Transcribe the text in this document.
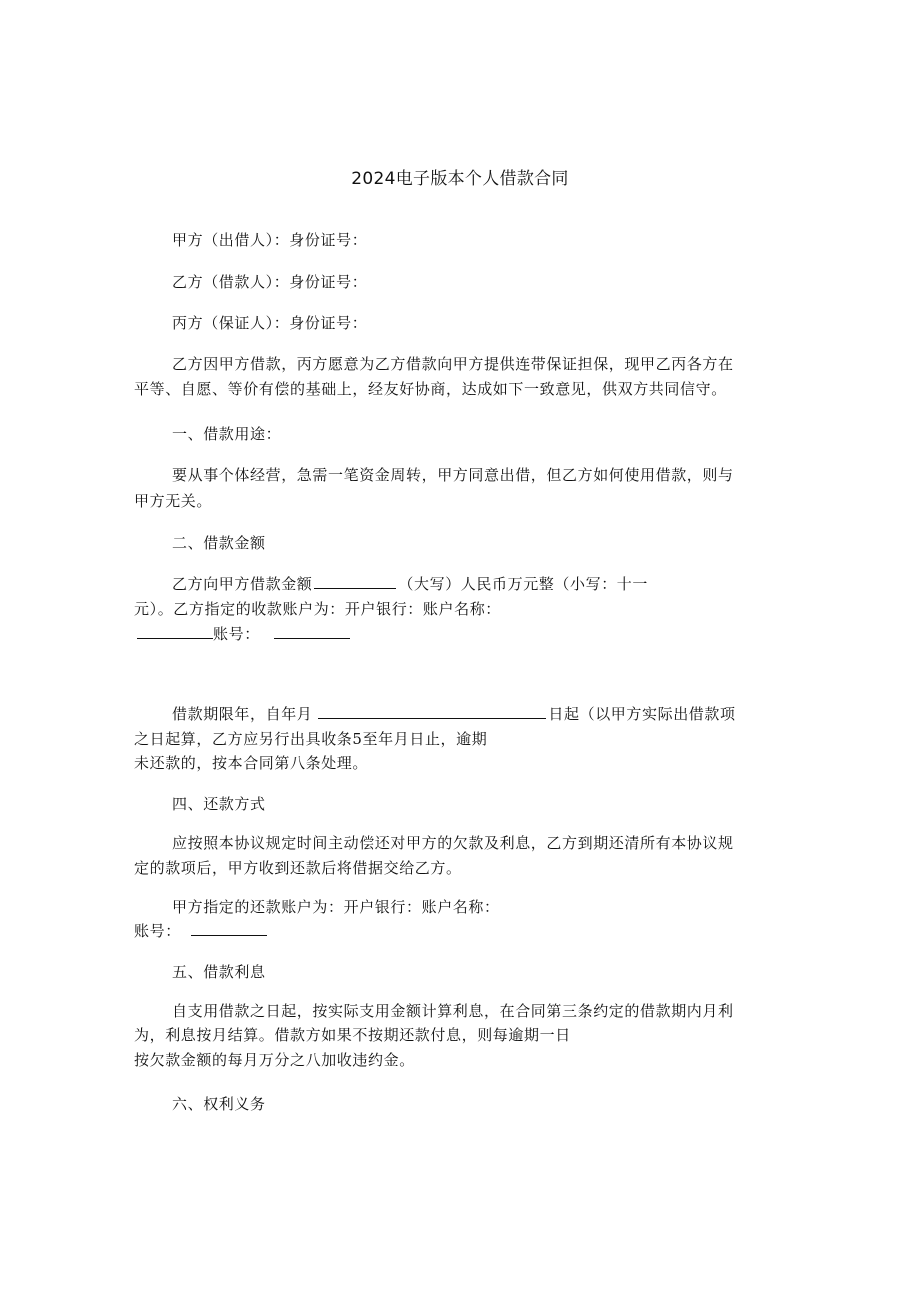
2024电子版本个人借款合同
甲方（出借人）：身份证号：
乙方（借款人）：身份证号：
丙方（保证人）：身份证号：
乙方因甲方借款，丙方愿意为乙方借款向甲方提供连带保证担保，现甲乙丙各方在
平等、自愿、等价有偿的基础上，经友好协商，达成如下一致意见，供双方共同信守。
一、借款用途：
要从事个体经营，急需一笔资金周转，甲方同意出借，但乙方如何使用借款，则与
甲方无关。
二、借款金额
乙方向甲方借款金额	（大写）人民币万元整（小写：十一
元）。乙方指定的收款账户为：开户银行：账户名称：
账号：
借款期限年，自年月	日起（以甲方实际出借款项
之日起算，乙方应另行出具收条5至年月日止，逾期
未还款的，按本合同第八条处理。
四、还款方式
应按照本协议规定时间主动偿还对甲方的欠款及利息，乙方到期还清所有本协议规
定的款项后，甲方收到还款后将借据交给乙方。
甲方指定的还款账户为：开户银行：账户名称：
账号：
五、借款利息
自支用借款之日起，按实际支用金额计算利息，在合同第三条约定的借款期内月利
为，利息按月结算。借款方如果不按期还款付息，则每逾期一日
按欠款金额的每月万分之八加收违约金。
六、权利义务
